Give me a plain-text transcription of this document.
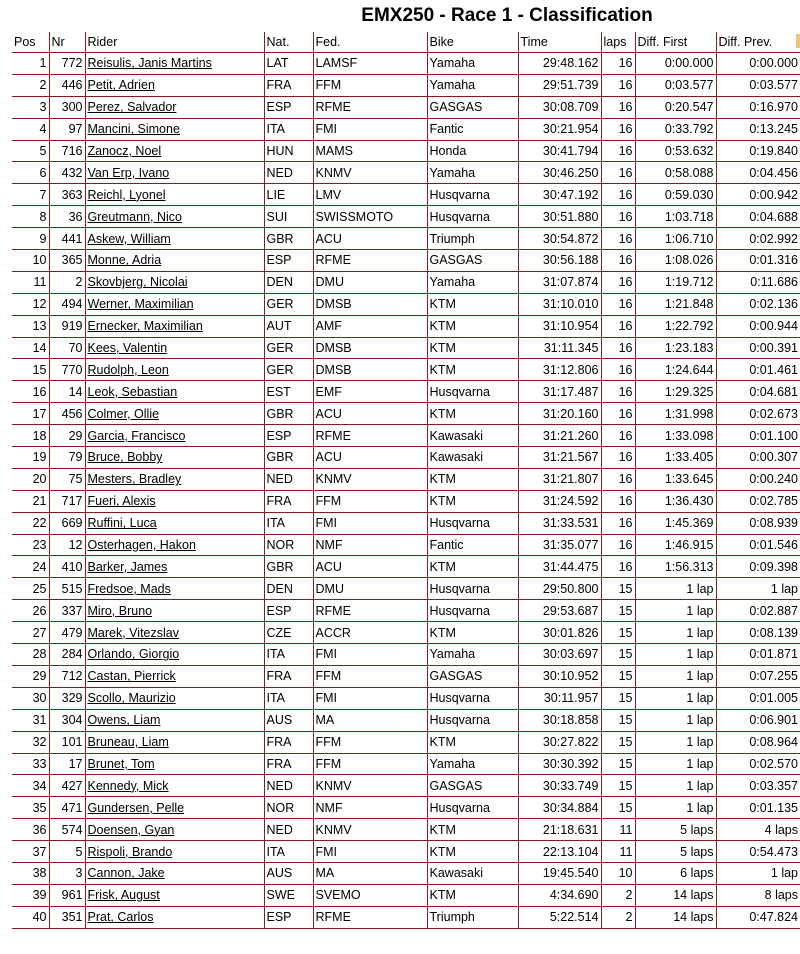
EMX250 - Race 1 - Classification
Pos	Nr	Rider	Nat.	Fed.	Bike	Time	laps	Diff. First	Diff. Prev.
1	772	Reisulis, Janis Martins	LAT	LAMSF	Yamaha	29:48.162	16	0:00.000	0:00.000
2	446	Petit, Adrien	FRA	FFM	Yamaha	29:51.739	16	0:03.577	0:03.577
3	300	Perez, Salvador	ESP	RFME	GASGAS	30:08.709	16	0:20.547	0:16.970
4	97	Mancini, Simone	ITA	FMI	Fantic	30:21.954	16	0:33.792	0:13.245
5	716	Zanocz, Noel	HUN	MAMS	Honda	30:41.794	16	0:53.632	0:19.840
6	432	Van Erp, Ivano	NED	KNMV	Yamaha	30:46.250	16	0:58.088	0:04.456
7	363	Reichl, Lyonel	LIE	LMV	Husqvarna	30:47.192	16	0:59.030	0:00.942
8	36	Greutmann, Nico	SUI	SWISSMOTO	Husqvarna	30:51.880	16	1:03.718	0:04.688
9	441	Askew, William	GBR	ACU	Triumph	30:54.872	16	1:06.710	0:02.992
10	365	Monne, Adria	ESP	RFME	GASGAS	30:56.188	16	1:08.026	0:01.316
11	2	Skovbjerg, Nicolai	DEN	DMU	Yamaha	31:07.874	16	1:19.712	0:11.686
12	494	Werner, Maximilian	GER	DMSB	KTM	31:10.010	16	1:21.848	0:02.136
13	919	Ernecker, Maximilian	AUT	AMF	KTM	31:10.954	16	1:22.792	0:00.944
14	70	Kees, Valentin	GER	DMSB	KTM	31:11.345	16	1:23.183	0:00.391
15	770	Rudolph, Leon	GER	DMSB	KTM	31:12.806	16	1:24.644	0:01.461
16	14	Leok, Sebastian	EST	EMF	Husqvarna	31:17.487	16	1:29.325	0:04.681
17	456	Colmer, Ollie	GBR	ACU	KTM	31:20.160	16	1:31.998	0:02.673
18	29	Garcia, Francisco	ESP	RFME	Kawasaki	31:21.260	16	1:33.098	0:01.100
19	79	Bruce, Bobby	GBR	ACU	Kawasaki	31:21.567	16	1:33.405	0:00.307
20	75	Mesters, Bradley	NED	KNMV	KTM	31:21.807	16	1:33.645	0:00.240
21	717	Fueri, Alexis	FRA	FFM	KTM	31:24.592	16	1:36.430	0:02.785
22	669	Ruffini, Luca	ITA	FMI	Husqvarna	31:33.531	16	1:45.369	0:08.939
23	12	Osterhagen, Hakon	NOR	NMF	Fantic	31:35.077	16	1:46.915	0:01.546
24	410	Barker, James	GBR	ACU	KTM	31:44.475	16	1:56.313	0:09.398
25	515	Fredsoe, Mads	DEN	DMU	Husqvarna	29:50.800	15	1 lap	1 lap
26	337	Miro, Bruno	ESP	RFME	Husqvarna	29:53.687	15	1 lap	0:02.887
27	479	Marek, Vitezslav	CZE	ACCR	KTM	30:01.826	15	1 lap	0:08.139
28	284	Orlando, Giorgio	ITA	FMI	Yamaha	30:03.697	15	1 lap	0:01.871
29	712	Castan, Pierrick	FRA	FFM	GASGAS	30:10.952	15	1 lap	0:07.255
30	329	Scollo, Maurizio	ITA	FMI	Husqvarna	30:11.957	15	1 lap	0:01.005
31	304	Owens, Liam	AUS	MA	Husqvarna	30:18.858	15	1 lap	0:06.901
32	101	Bruneau, Liam	FRA	FFM	KTM	30:27.822	15	1 lap	0:08.964
33	17	Brunet, Tom	FRA	FFM	Yamaha	30:30.392	15	1 lap	0:02.570
34	427	Kennedy, Mick	NED	KNMV	GASGAS	30:33.749	15	1 lap	0:03.357
35	471	Gundersen, Pelle	NOR	NMF	Husqvarna	30:34.884	15	1 lap	0:01.135
36	574	Doensen, Gyan	NED	KNMV	KTM	21:18.631	11	5 laps	4 laps
37	5	Rispoli, Brando	ITA	FMI	KTM	22:13.104	11	5 laps	0:54.473
38	3	Cannon, Jake	AUS	MA	Kawasaki	19:45.540	10	6 laps	1 lap
39	961	Frisk, August	SWE	SVEMO	KTM	4:34.690	2	14 laps	8 laps
40	351	Prat, Carlos	ESP	RFME	Triumph	5:22.514	2	14 laps	0:47.824
